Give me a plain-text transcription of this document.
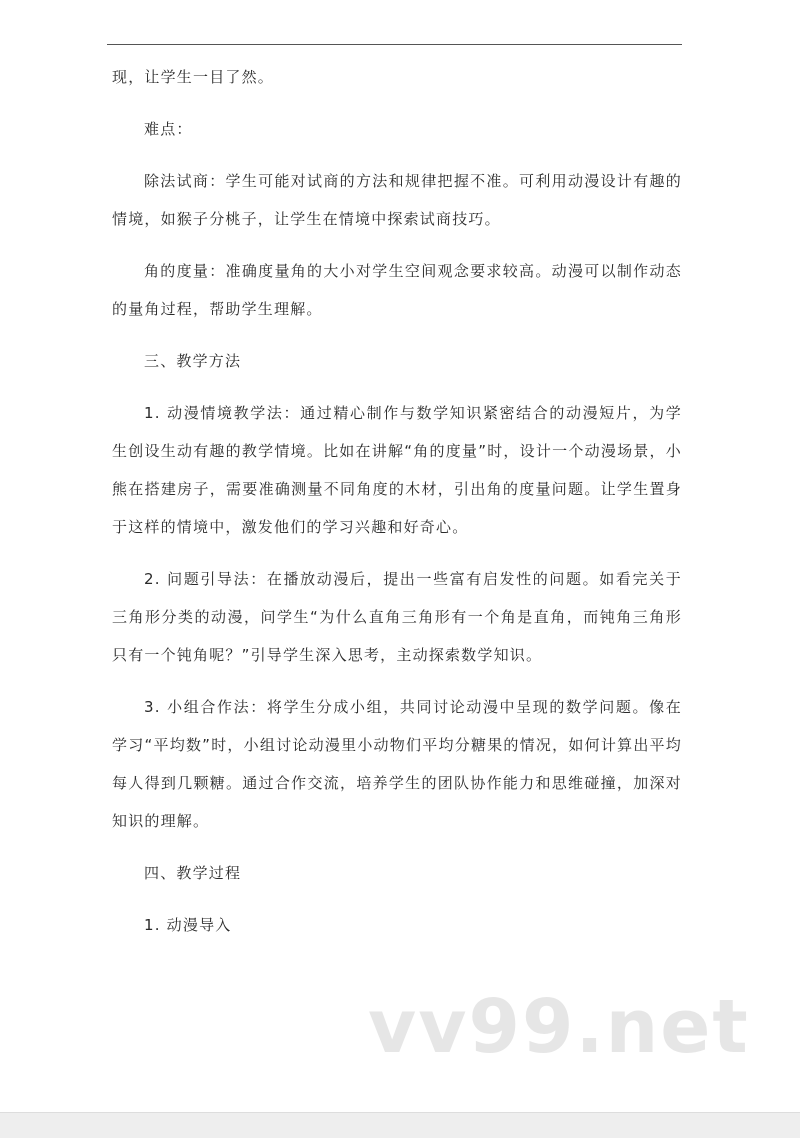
现，让学生一目了然。

难点：

除法试商：学生可能对试商的方法和规律把握不准。可利用动漫设计有趣的情境，如猴子分桃子，让学生在情境中探索试商技巧。

角的度量：准确度量角的大小对学生空间观念要求较高。动漫可以制作动态的量角过程，帮助学生理解。

三、教学方法

1. 动漫情境教学法：通过精心制作与数学知识紧密结合的动漫短片，为学生创设生动有趣的教学情境。比如在讲解“角的度量”时，设计一个动漫场景，小熊在搭建房子，需要准确测量不同角度的木材，引出角的度量问题。让学生置身于这样的情境中，激发他们的学习兴趣和好奇心。

2. 问题引导法：在播放动漫后，提出一些富有启发性的问题。如看完关于三角形分类的动漫，问学生“为什么直角三角形有一个角是直角，而钝角三角形只有一个钝角呢？”引导学生深入思考，主动探索数学知识。

3. 小组合作法：将学生分成小组，共同讨论动漫中呈现的数学问题。像在学习“平均数”时，小组讨论动漫里小动物们平均分糖果的情况，如何计算出平均每人得到几颗糖。通过合作交流，培养学生的团队协作能力和思维碰撞，加深对知识的理解。

四、教学过程

1. 动漫导入

vv99.net
